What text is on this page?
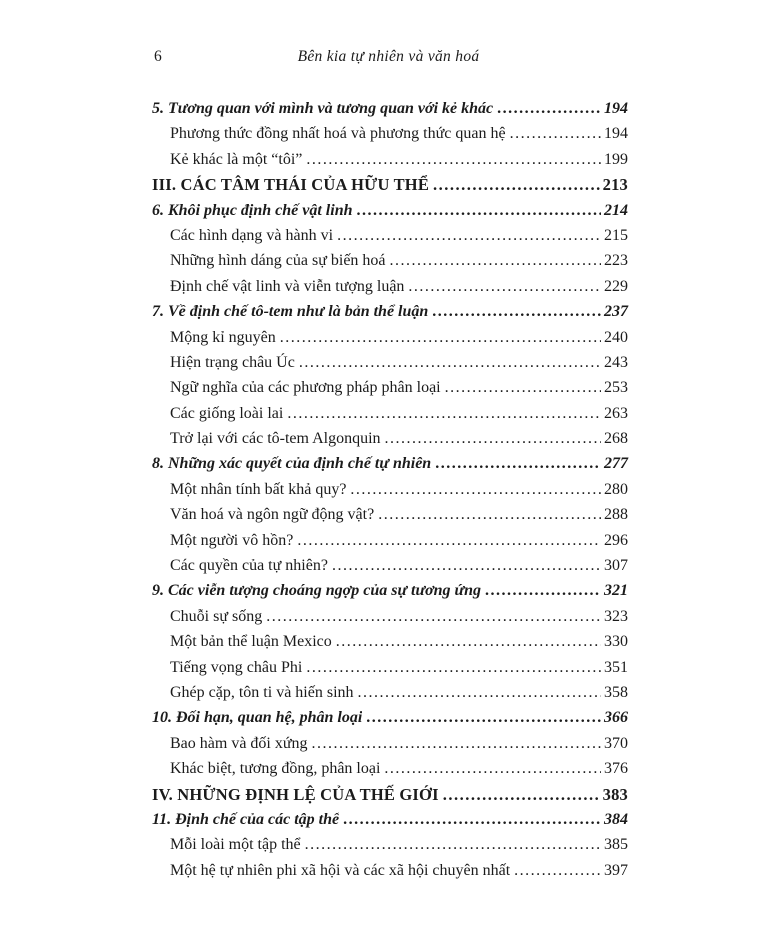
6	Bên kia tự nhiên và văn hoá
5. Tương quan với mình và tương quan với kẻ khác .....	194
Phương thức đồng nhất hoá và phương thức quan hệ .....	194
Kẻ khác là một “tôi” .....	199
III. CÁC TÂM THÁI CỦA HỮU THỂ .....	213
6. Khôi phục định chế vật linh .....	214
Các hình dạng và hành vi .....	215
Những hình dáng của sự biến hoá .....	223
Định chế vật linh và viễn tượng luận .....	229
7. Về định chế tô-tem như là bản thể luận .....	237
Mộng kỉ nguyên .....	240
Hiện trạng châu Úc .....	243
Ngữ nghĩa của các phương pháp phân loại .....	253
Các giống loài lai .....	263
Trở lại với các tô-tem Algonquin .....	268
8. Những xác quyết của định chế tự nhiên .....	277
Một nhân tính bất khả quy? .....	280
Văn hoá và ngôn ngữ động vật? .....	288
Một người vô hồn? .....	296
Các quyền của tự nhiên? .....	307
9. Các viễn tượng choáng ngợp của sự tương ứng .....	321
Chuỗi sự sống .....	323
Một bản thể luận Mexico .....	330
Tiếng vọng châu Phi .....	351
Ghép cặp, tôn ti và hiến sinh .....	358
10. Đối hạn, quan hệ, phân loại .....	366
Bao hàm và đối xứng .....	370
Khác biệt, tương đồng, phân loại .....	376
IV. NHỮNG ĐỊNH LỆ CỦA THẾ GIỚI .....	383
11. Định chế của các tập thể .....	384
Mỗi loài một tập thể .....	385
Một hệ tự nhiên phi xã hội và các xã hội chuyên nhất .....	397
